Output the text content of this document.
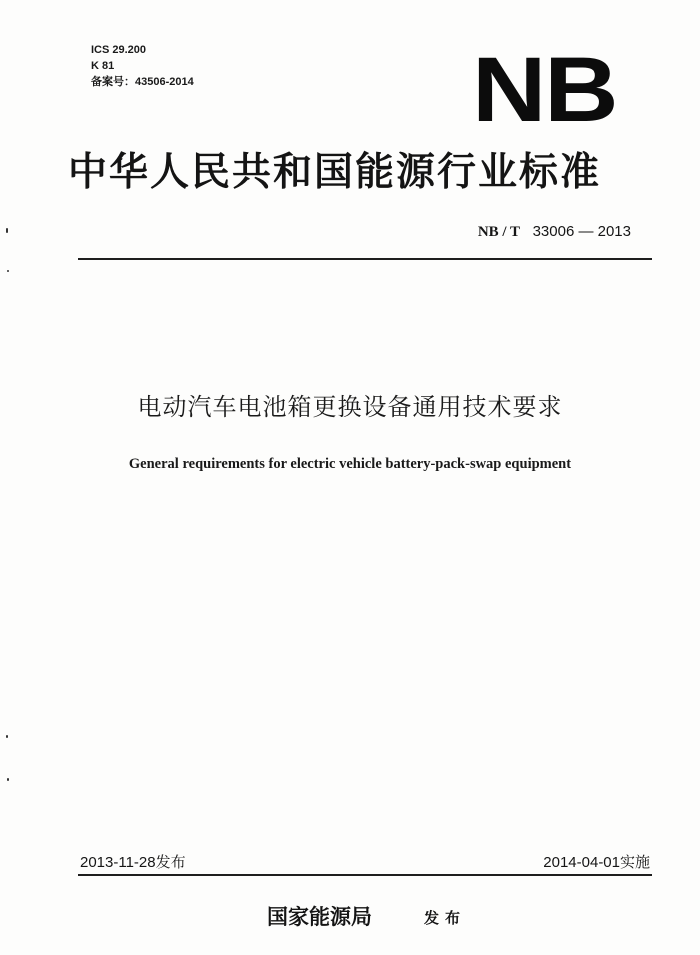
ICS 29.200
K 81
备案号：43506-2014	NB
中华人民共和国能源行业标准
NB / T 33006 — 2013
电动汽车电池箱更换设备通用技术要求
General requirements for electric vehicle battery-pack-swap equipment
2013-11-28发布	2014-04-01实施
国家能源局	发布
